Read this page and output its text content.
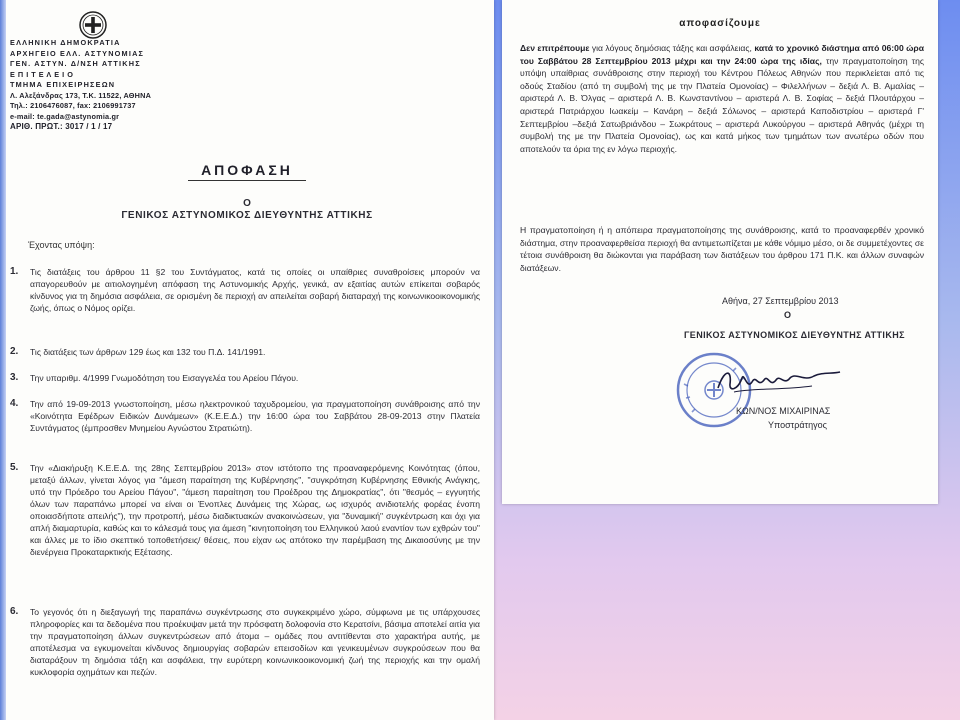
ΕΛΛΗΝΙΚΗ ΔΗΜΟΚΡΑΤΙΑ
ΑΡΧΗΓΕΙΟ ΕΛΛ. ΑΣΤΥΝΟΜΙΑΣ
ΓΕΝ. ΑΣΤΥΝ. Δ/ΝΣΗ ΑΤΤΙΚΗΣ
Ε Π Ι Τ Ε Λ Ε Ι Ο
ΤΜΗΜΑ ΕΠΙΧΕΙΡΗΣΕΩΝ
Λ. Αλεξάνδρας 173, Τ.Κ. 11522, ΑΘΗΝΑ
Τηλ.: 2106476087, fax: 2106991737
e-mail: te.gada@astynomia.gr
ΑΡΙΘ. ΠΡΩΤ.: 3017 / 1 / 17
ΑΠΟΦΑΣΗ
Ο
ΓΕΝΙΚΟΣ ΑΣΤΥΝΟΜΙΚΟΣ ΔΙΕΥΘΥΝΤΗΣ ΑΤΤΙΚΗΣ
Έχοντας υπόψη:
1. Τις διατάξεις του άρθρου 11 §2 του Συντάγματος, κατά τις οποίες οι υπαίθριες συναθροίσεις μπορούν να απαγορευθούν με αιτιολογημένη απόφαση της Αστυνομικής Αρχής, γενικά, αν εξαιτίας αυτών επίκειται σοβαρός κίνδυνος για τη δημόσια ασφάλεια, σε ορισμένη δε περιοχή αν απειλείται σοβαρή διαταραχή της κοινωνικοοικονομικής ζωής, όπως ο Νόμος ορίζει.
2. Τις διατάξεις των άρθρων 129 έως και 132 του Π.Δ. 141/1991.
3. Την υπαριθμ. 4/1999 Γνωμοδότηση του Εισαγγελέα του Αρείου Πάγου.
4. Την από 19-09-2013 γνωστοποίηση, μέσω ηλεκτρονικού ταχυδρομείου, για πραγματοποίηση συνάθροισης από την «Κοινότητα Εφέδρων Ειδικών Δυνάμεων» (Κ.Ε.Ε.Δ.) την 16:00 ώρα του Σαββάτου 28-09-2013 στην Πλατεία Συντάγματος (έμπροσθεν Μνημείου Αγνώστου Στρατιώτη).
5. Την «Διακήρυξη Κ.Ε.Ε.Δ. της 28ης Σεπτεμβρίου 2013» στον ιστότοπο της προαναφερόμενης Κοινότητας (όπου, μεταξύ άλλων, γίνεται λόγος για "άμεση παραίτηση της Κυβέρνησης", "συγκρότηση Κυβέρνησης Εθνικής Ανάγκης, υπό την Πρόεδρο του Αρείου Πάγου", "άμεση παραίτηση του Προέδρου της Δημοκρατίας", ότι "θεσμός – εγγυητής όλων των παραπάνω μπορεί να είναι οι Ένοπλες Δυνάμεις της Χώρας, ως ισχυρός ανιδιοτελής φορέας ένοπη οποιασδήποτε απειλής"), την προτροπή, μέσω διαδικτυακών ανακοινώσεων, για "δυναμική" συγκέντρωση και όχι για απλή διαμαρτυρία, καθώς και το κάλεσμά τους για άμεση "κινητοποίηση του Ελληνικού λαού εναντίον των εχθρών του" και άλλες με το ίδιο σκεπτικό τοποθετήσεις/ θέσεις, που είχαν ως απότοκο την παρέμβαση της Δικαιοσύνης με την διενέργεια Προκαταρκτικής Εξέτασης.
6. Το γεγονός ότι η διεξαγωγή της παραπάνω συγκέντρωσης στο συγκεκριμένο χώρο, σύμφωνα με τις υπάρχουσες πληροφορίες και τα δεδομένα που προέκυψαν μετά την πρόσφατη δολοφονία στο Κερατσίνι, βάσιμα αποτελεί αιτία για την πραγματοποίηση άλλων συγκεντρώσεων από άτομα – ομάδες που αντιτίθενται στο χαρακτήρα αυτής, με αποτέλεσμα να εγκυμονείται κίνδυνος δημιουργίας σοβαρών επεισοδίων και γενικευμένων συγκρούσεων που θα διαταράξουν τη δημόσια τάξη και ασφάλεια, την ευρύτερη κοινωνικοοικονομική ζωή της περιοχής και την ομαλή κυκλοφορία οχημάτων και πεζών.
αποφασίζουμε
Δεν επιτρέπουμε για λόγους δημόσιας τάξης και ασφάλειας, κατά το χρονικό διάστημα από 06:00 ώρα του Σαββάτου 28 Σεπτεμβρίου 2013 μέχρι και την 24:00 ώρα της ιδίας, την πραγματοποίηση της υπόψη υπαίθριας συνάθροισης στην περιοχή του Κέντρου Πόλεως Αθηνών που περικλείεται από τις οδούς Σταδίου (από τη συμβολή της με την Πλατεία Ομονοίας) – Φιλελλήνων – δεξιά Λ. Β. Αμαλίας – αριστερά Λ. Β. Όλγας – αριστερά Λ. Β. Κωνσταντίνου – αριστερά Λ. Β. Σοφίας – δεξιά Πλουτάρχου – αριστερά Πατριάρχου Ιωακείμ – Κανάρη – δεξιά Σόλωνος – αριστερά Καποδιστρίου – αριστερά Γ' Σεπτεμβρίου –δεξιά Σατωβριάνδου – Σωκράτους – αριστερά Λυκούργου – αριστερά Αθηνάς (μέχρι τη συμβολή της με την Πλατεία Ομονοίας), ως και κατά μήκος των τμημάτων των ανωτέρω οδών που αποτελούν τα όρια της εν λόγω περιοχής.
Η πραγματοποίηση ή η απόπειρα πραγματοποίησης της συνάθροισης, κατά το προαναφερθέν χρονικό διάστημα, στην προαναφερθείσα περιοχή θα αντιμετωπίζεται με κάθε νόμιμο μέσο, οι δε συμμετέχοντες σε τέτοια συνάθροιση θα διώκονται για παράβαση των διατάξεων του άρθρου 171 Π.Κ. και άλλων συναφών διατάξεων.
Αθήνα, 27 Σεπτεμβρίου 2013
Ο
ΓΕΝΙΚΟΣ ΑΣΤΥΝΟΜΙΚΟΣ ΔΙΕΥΘΥΝΤΗΣ ΑΤΤΙΚΗΣ
ΚΩΝ/ΝΟΣ ΜΙΧΑΙΡΙΝΑΣ
Υποστράτηγος
